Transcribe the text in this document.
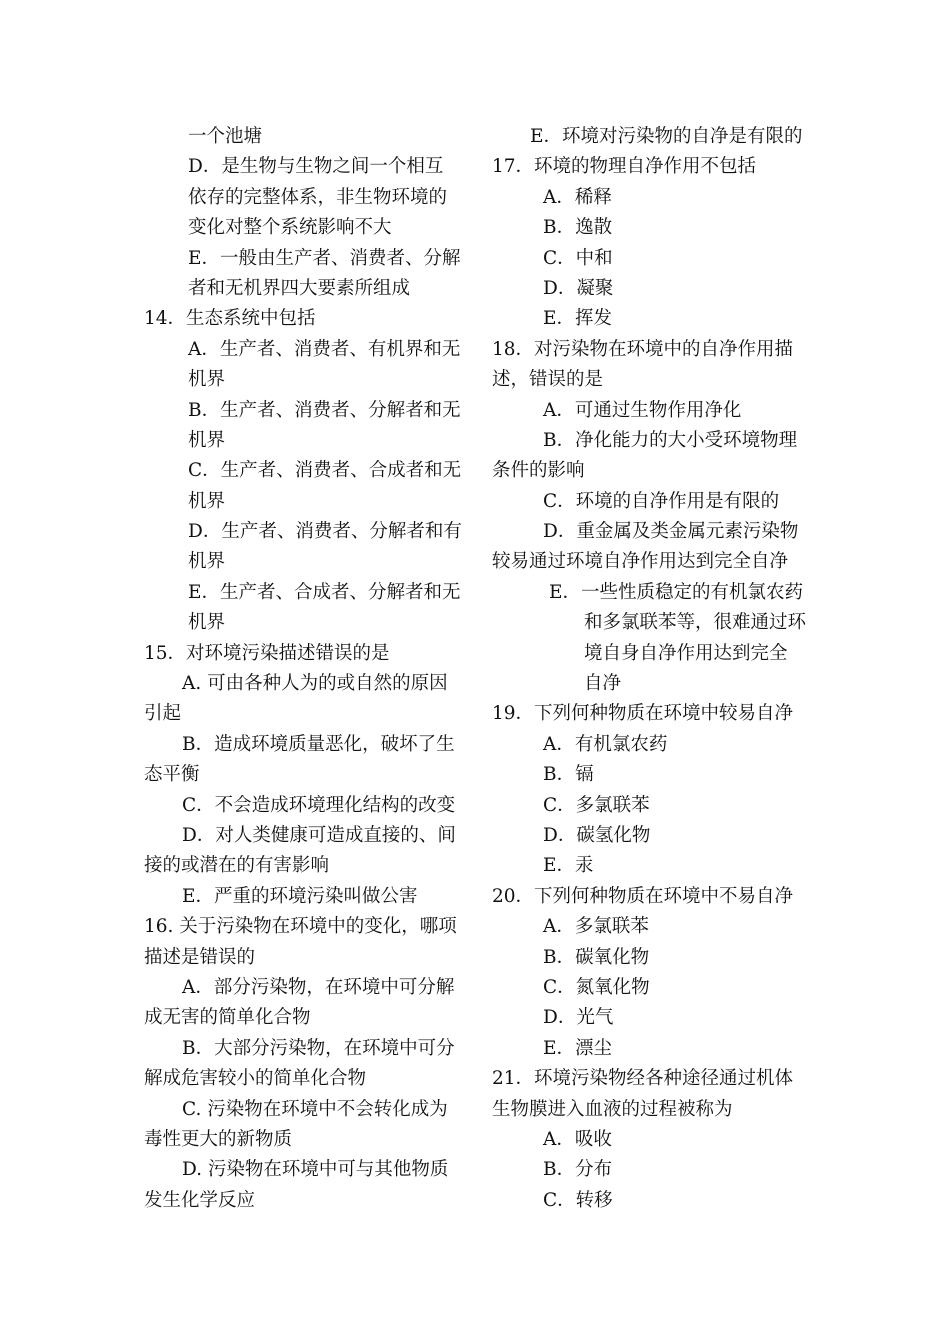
一个池塘
D．是生物与生物之间一个相互
依存的完整体系，非生物环境的
变化对整个系统影响不大
E．一般由生产者、消费者、分解
者和无机界四大要素所组成
14．生态系统中包括
A．生产者、消费者、有机界和无
机界
B．生产者、消费者、分解者和无
机界
C．生产者、消费者、合成者和无
机界
D．生产者、消费者、分解者和有
机界
E．生产者、合成者、分解者和无
机界
15．对环境污染描述错误的是
A. 可由各种人为的或自然的原因
引起
B．造成环境质量恶化，破坏了生
态平衡
C．不会造成环境理化结构的改变
D．对人类健康可造成直接的、间
接的或潜在的有害影响
E．严重的环境污染叫做公害
16. 关于污染物在环境中的变化，哪项
描述是错误的
A．部分污染物，在环境中可分解
成无害的简单化合物
B．大部分污染物，在环境中可分
解成危害较小的简单化合物
C. 污染物在环境中不会转化成为
毒性更大的新物质
D. 污染物在环境中可与其他物质
发生化学反应
E．环境对污染物的自净是有限的
17．环境的物理自净作用不包括
A．稀释
B．逸散
C．中和
D．凝聚
E．挥发
18．对污染物在环境中的自净作用描
述，错误的是
A．可通过生物作用净化
B．净化能力的大小受环境物理
条件的影响
C．环境的自净作用是有限的
D．重金属及类金属元素污染物
较易通过环境自净作用达到完全自净
E．一些性质稳定的有机氯农药
和多氯联苯等，很难通过环
境自身自净作用达到完全
自净
19．下列何种物质在环境中较易自净
A．有机氯农药
B．镉
C．多氯联苯
D．碳氢化物
E．汞
20．下列何种物质在环境中不易自净
A．多氯联苯
B．碳氧化物
C．氮氧化物
D．光气
E．漂尘
21．环境污染物经各种途径通过机体
生物膜进入血液的过程被称为
A．吸收
B．分布
C．转移
